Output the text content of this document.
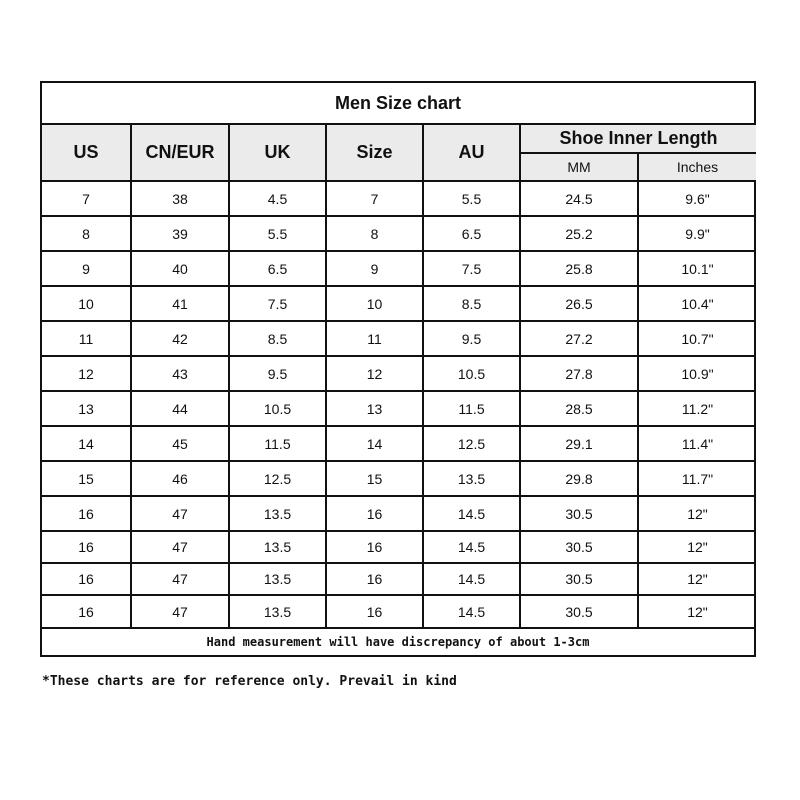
Men Size chart
US	CN/EUR	UK	Size	AU
Shoe Inner Length
MM	Inches
7	38	4.5	7	5.5	24.5	9.6"
8	39	5.5	8	6.5	25.2	9.9"
9	40	6.5	9	7.5	25.8	10.1"
10	41	7.5	10	8.5	26.5	10.4"
11	42	8.5	11	9.5	27.2	10.7"
12	43	9.5	12	10.5	27.8	10.9"
13	44	10.5	13	11.5	28.5	11.2"
14	45	11.5	14	12.5	29.1	11.4"
15	46	12.5	15	13.5	29.8	11.7"
16	47	13.5	16	14.5	30.5	12"
16	47	13.5	16	14.5	30.5	12"
16	47	13.5	16	14.5	30.5	12"
16	47	13.5	16	14.5	30.5	12"
Hand measurement will have discrepancy of about 1-3cm
*These charts are for reference only. Prevail in kind
